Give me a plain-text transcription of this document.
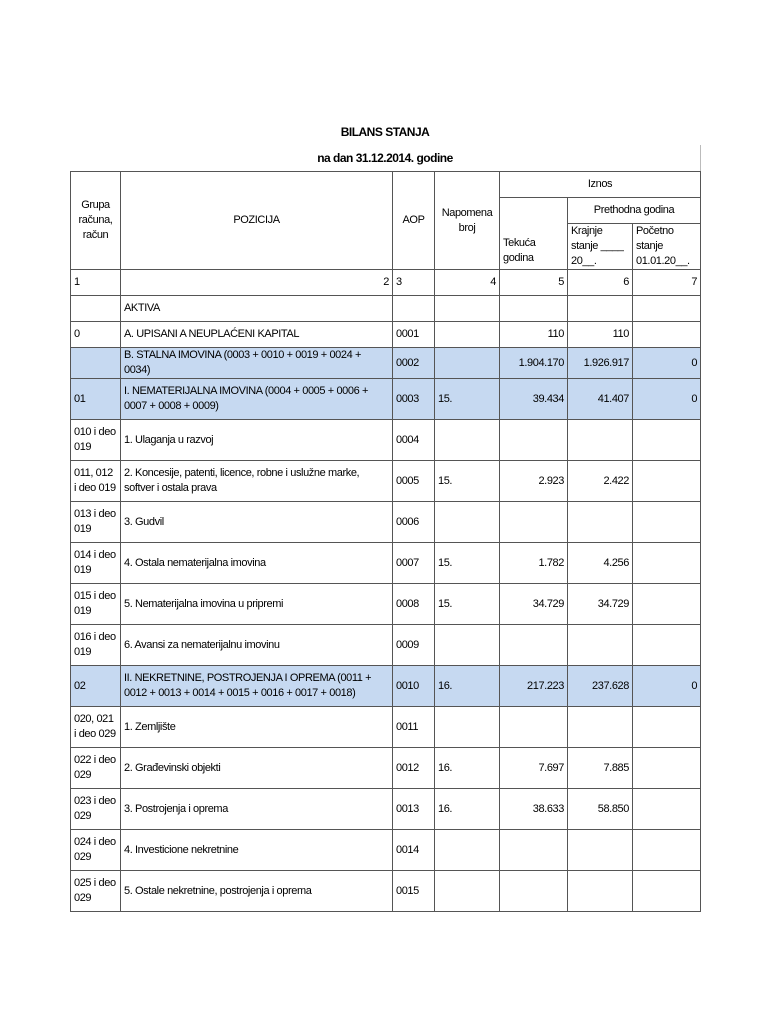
BILANS STANJA
na dan 31.12.2014. godine
Grupa računa, račun	POZICIJA	AOP	Napomena broj	Iznos		
				Tekuća godina	Prethodna godina	
					Krajnje stanje ____ 20__.	Početno stanje 01.01.20__.
1	2	3	4	5	6	7
	AKTIVA					
0	A. UPISANI A NEUPLAĆENI KAPITAL	0001		110	110	
	B. STALNA IMOVINA (0003 + 0010 + 0019 + 0024 + 0034)	0002		1.904.170	1.926.917	0
01	I. NEMATERIJALNA IMOVINA (0004 + 0005 + 0006 + 0007 + 0008 + 0009)	0003	15.	39.434	41.407	0
010 i deo 019	1. Ulaganja u razvoj	0004				
011, 012 i deo 019	2. Koncesije, patenti, licence, robne i uslužne marke, softver i ostala prava	0005	15.	2.923	2.422	
013 i deo 019	3. Gudvil	0006				
014 i deo 019	4. Ostala nematerijalna imovina	0007	15.	1.782	4.256	
015 i deo 019	5. Nematerijalna imovina u pripremi	0008	15.	34.729	34.729	
016 i deo 019	6. Avansi za nematerijalnu imovinu	0009				
02	II. NEKRETNINE, POSTROJENJA I OPREMA (0011 + 0012 + 0013 + 0014 + 0015 + 0016 + 0017 + 0018)	0010	16.	217.223	237.628	0
020, 021 i deo 029	1. Zemljište	0011				
022 i deo 029	2. Građevinski objekti	0012	16.	7.697	7.885	
023 i deo 029	3. Postrojenja i oprema	0013	16.	38.633	58.850	
024 i deo 029	4. Investicione nekretnine	0014				
025 i deo 029	5. Ostale nekretnine, postrojenja i oprema	0015				
